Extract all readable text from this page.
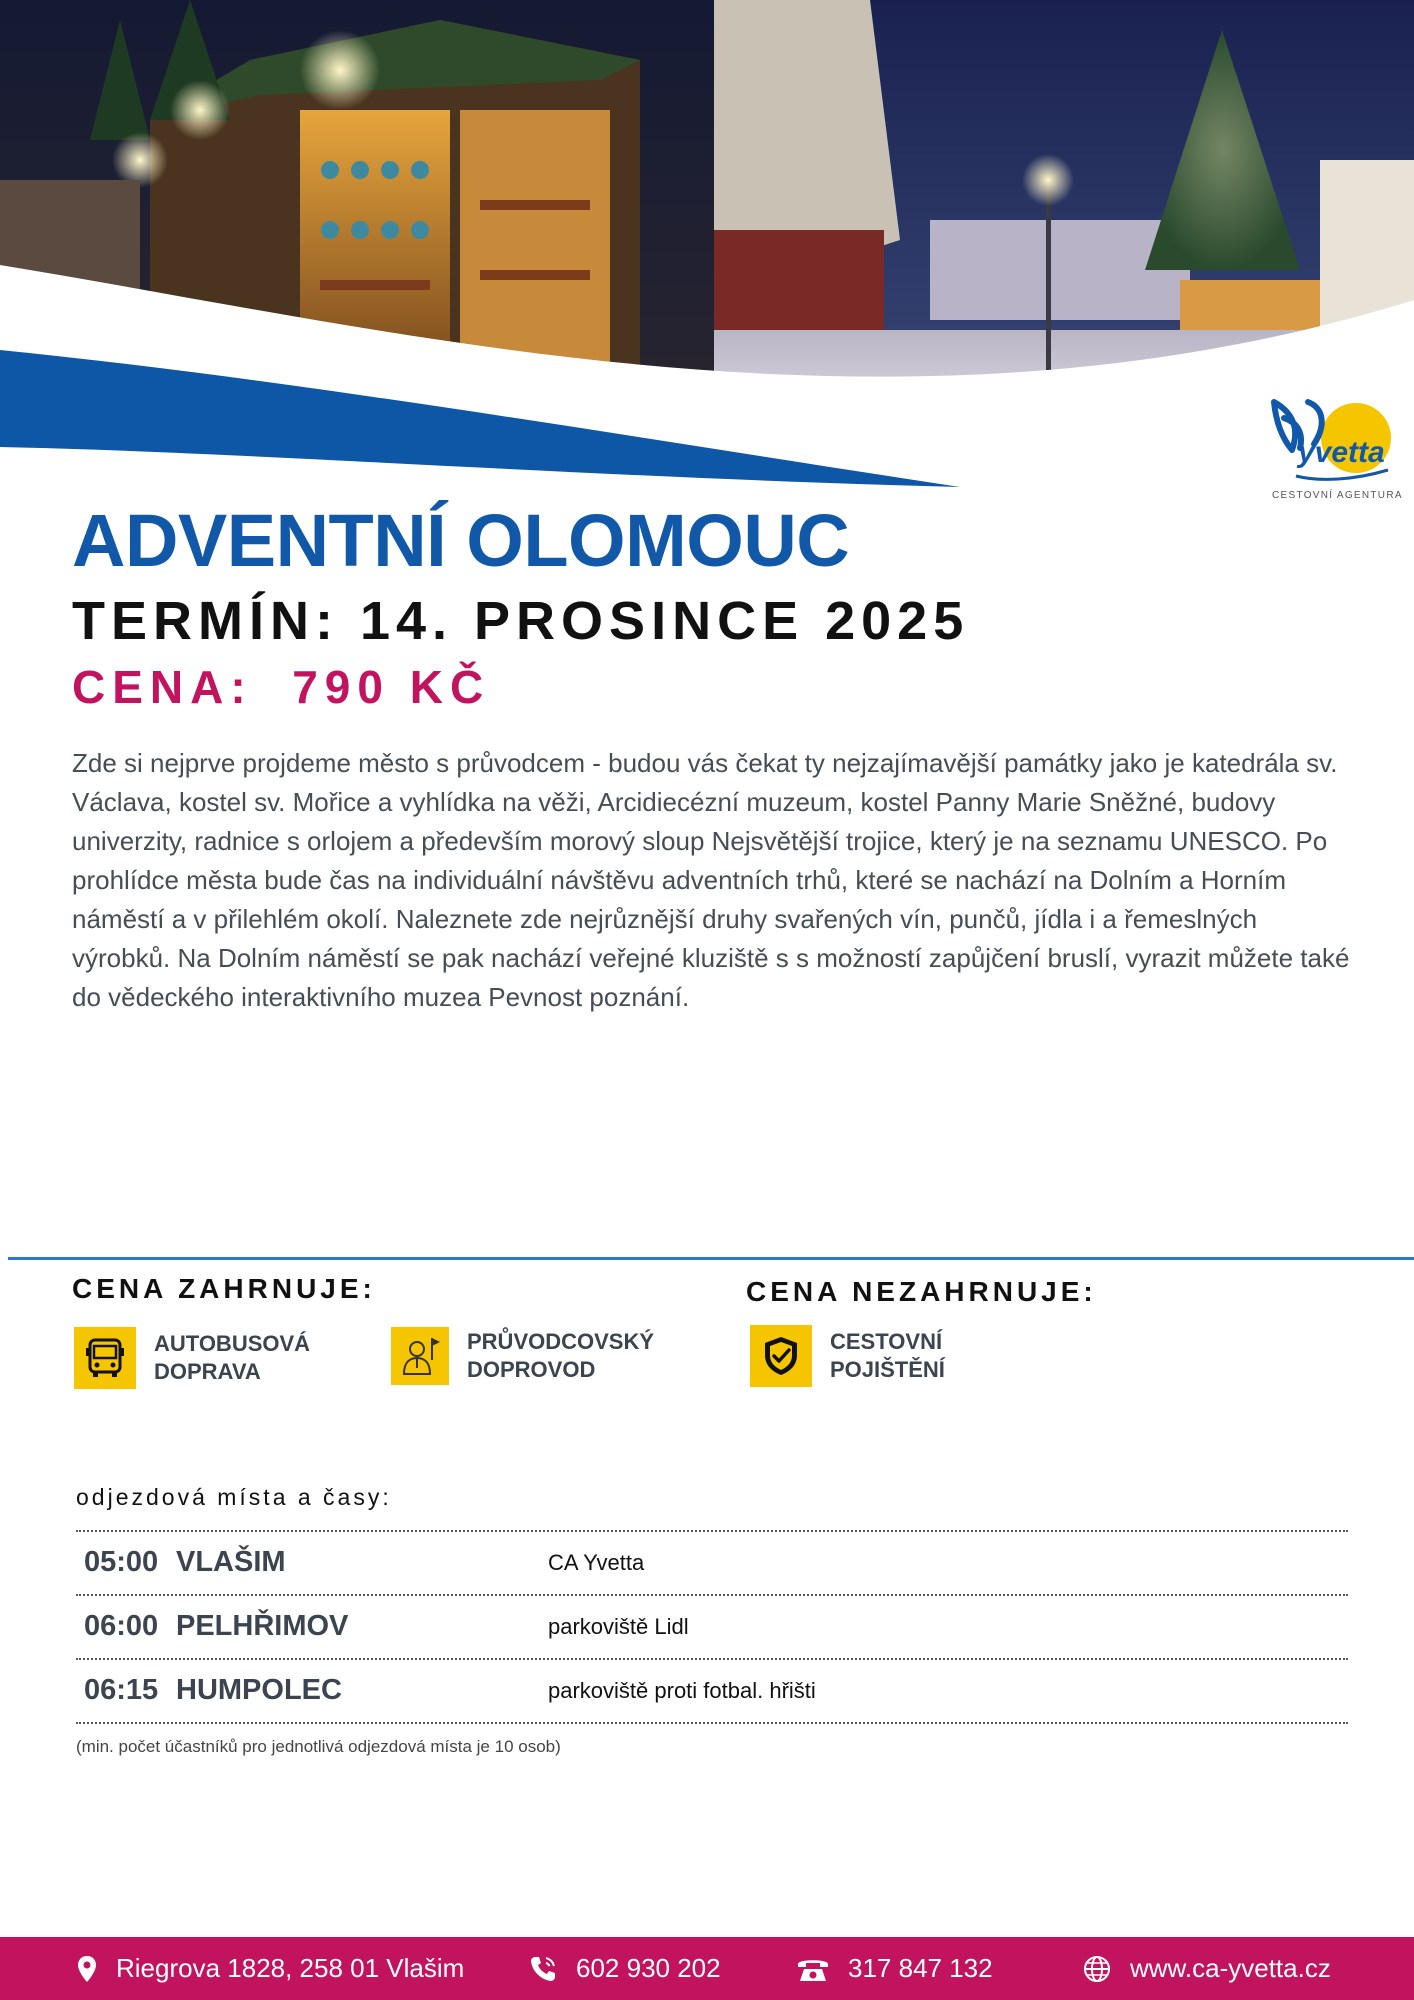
yvetta
CESTOVNÍ AGENTURA
ADVENTNÍ OLOMOUC
TERMÍN: 14. PROSINCE 2025
CENA:  790 KČ

Zde si nejprve projdeme město s průvodcem - budou vás čekat ty nejzajímavější památky jako je katedrála sv. Václava, kostel sv. Mořice a vyhlídka na věži, Arcidiecézní muzeum, kostel Panny Marie Sněžné, budovy univerzity, radnice s orlojem a především morový sloup Nejsvětější trojice, který je na seznamu UNESCO. Po prohlídce města bude čas na individuální návštěvu adventních trhů, které se nachází na Dolním a Horním náměstí a v přilehlém okolí. Naleznete zde nejrůznější druhy svařených vín, punčů, jídla i a řemeslných výrobků. Na Dolním náměstí se pak nachází veřejné kluziště s s možností zapůjčení bruslí, vyrazit můžete také do vědeckého interaktivního muzea Pevnost poznání.

CENA ZAHRNUJE:	CENA NEZAHRNUJE:
AUTOBUSOVÁ
DOPRAVA
PRŮVODCOVSKÝ
DOPROVOD
CESTOVNÍ
POJIŠTĚNÍ

odjezdová místa a časy:

05:00 VLAŠIM	CA Yvetta
06:00 PELHŘIMOV	parkoviště Lidl
06:15 HUMPOLEC	parkoviště proti fotbal. hřišti

(min. počet účastníků pro jednotlivá odjezdová místa je 10 osob)

Riegrova 1828, 258 01 Vlašim	602 930 202	317 847 132	www.ca-yvetta.cz
